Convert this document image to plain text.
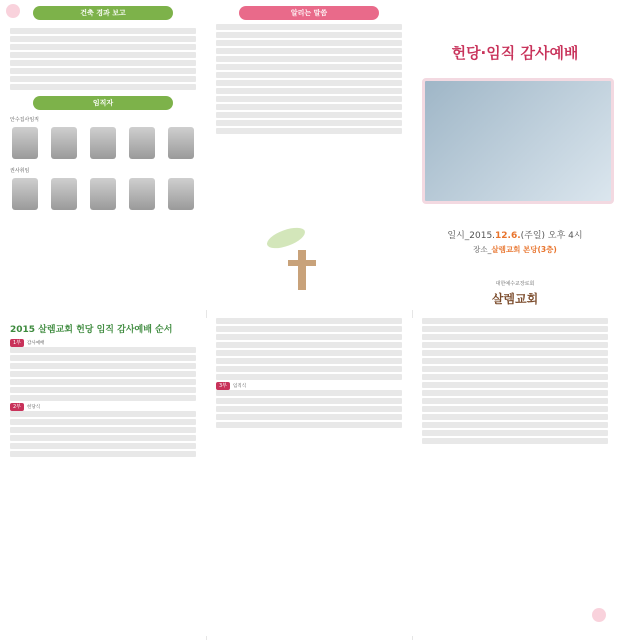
건축 경과 보고
임직자
안수집사임직

권사취임

알리는 말씀
헌당·임직 감사예배
일시_2015.12.6.(주일) 오후 4시
장소_살렘교회 본당(3층)
대한예수교장로회
살렘교회
2015 살렘교회 헌당 임직 감사예배 순서
1부 감사예배
2부 헌당식
3부 임직식
